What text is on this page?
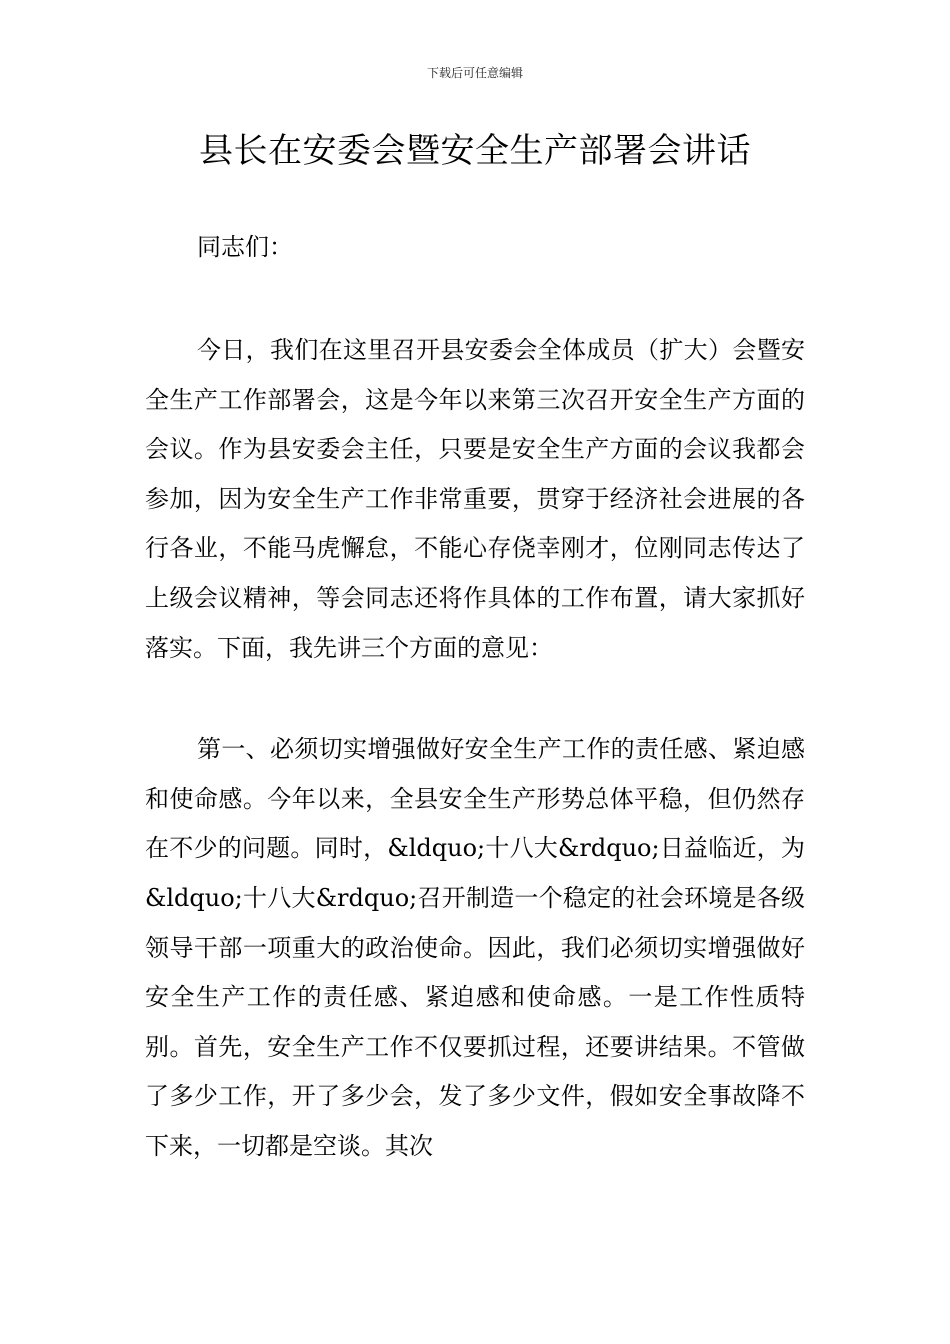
下载后可任意编辑
县长在安委会暨安全生产部署会讲话

同志们：

今日，我们在这里召开县安委会全体成员（扩大）会暨安全生产工作部署会，这是今年以来第三次召开安全生产方面的会议。作为县安委会主任，只要是安全生产方面的会议我都会参加，因为安全生产工作非常重要，贯穿于经济社会进展的各行各业，不能马虎懈怠，不能心存侥幸刚才，位刚同志传达了上级会议精神，等会同志还将作具体的工作布置，请大家抓好落实。下面，我先讲三个方面的意见：

第一、必须切实增强做好安全生产工作的责任感、紧迫感和使命感。今年以来，全县安全生产形势总体平稳，但仍然存在不少的问题。同时，&ldquo;十八大&rdquo;日益临近，为&ldquo;十八大&rdquo;召开制造一个稳定的社会环境是各级领导干部一项重大的政治使命。因此，我们必须切实增强做好安全生产工作的责任感、紧迫感和使命感。一是工作性质特别。首先，安全生产工作不仅要抓过程，还要讲结果。不管做了多少工作，开了多少会，发了多少文件，假如安全事故降不下来，一切都是空谈。其次
